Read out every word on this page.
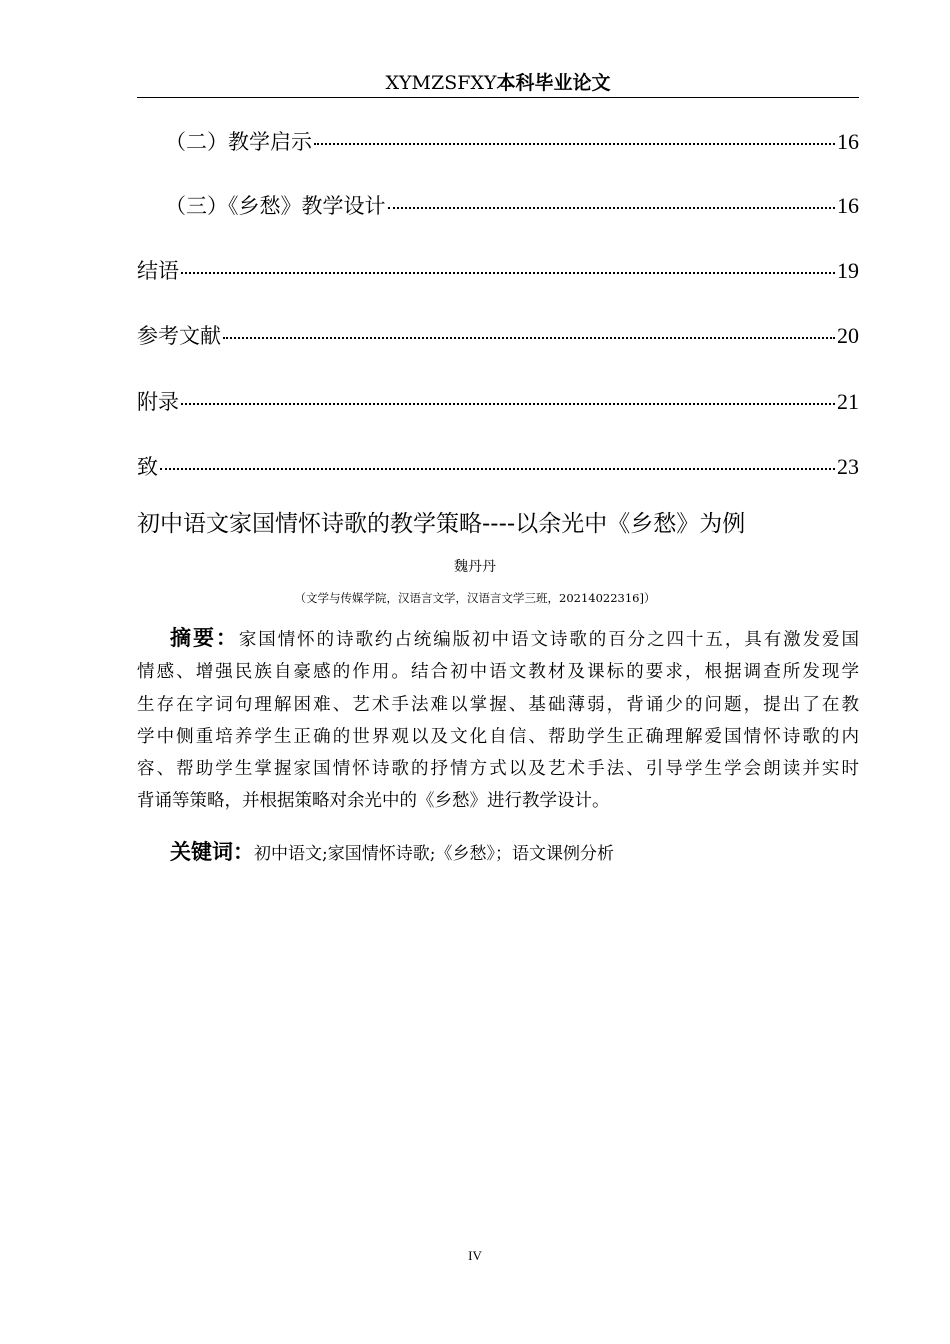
XYMZSFXY本科毕业论文
（二）教学启示	16
（三）《乡愁》教学设计	16
结语	19
参考文献	20
附录	21
致	23
初中语文家国情怀诗歌的教学策略----以余光中《乡愁》为例
魏丹丹
（文学与传媒学院，汉语言文学，汉语言文学三班，20214022316]）
摘要：家国情怀的诗歌约占统编版初中语文诗歌的百分之四十五，具有激发爱国
情感、增强民族自豪感的作用。结合初中语文教材及课标的要求，根据调查所发现学
生存在字词句理解困难、艺术手法难以掌握、基础薄弱，背诵少的问题，提出了在教
学中侧重培养学生正确的世界观以及文化自信、帮助学生正确理解爱国情怀诗歌的内
容、帮助学生掌握家国情怀诗歌的抒情方式以及艺术手法、引导学生学会朗读并实时
背诵等策略，并根据策略对余光中的《乡愁》进行教学设计。
关键词：初中语文;家国情怀诗歌;《乡愁》；语文课例分析
IV
